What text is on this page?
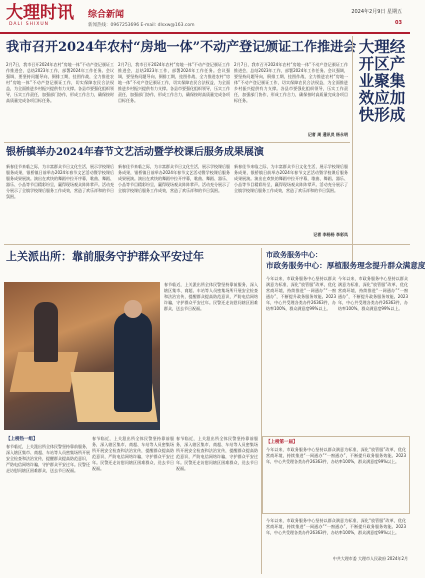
大理时讯
DALI SHIXUN
综合新闻
新闻热线：0967253696 E-mail: dlsxw@163.com
2024年2月9日 星期五
03
我市召开2024年农村“房地一体”不动产登记颁证工作推进会
2月7日，我市召开2024年农村“房地一体”不动产登记颁证工作推进会，总结2023年工作，部署2024年工作任务。会议强调，要坚持问题导向，倒排工期，挂图作战，全力推进农村“房地一体”不动产登记颁证工作，切实保障农民合法权益，为全面推进乡村振兴提供有力支撑。各县市要强化组织领导，压实工作责任，加强部门协作，形成工作合力，确保按时高质量完成各项目标任务。
2月7日，我市召开2024年农村“房地一体”不动产登记颁证工作推进会，总结2023年工作，部署2024年工作任务。会议强调，要坚持问题导向，倒排工期，挂图作战，全力推进农村“房地一体”不动产登记颁证工作，切实保障农民合法权益，为全面推进乡村振兴提供有力支撑。各县市要强化组织领导，压实工作责任，加强部门协作，形成工作合力，确保按时高质量完成各项目标任务。
2月7日，我市召开2024年农村“房地一体”不动产登记颁证工作推进会，总结2023年工作，部署2024年工作任务。会议强调，要坚持问题导向，倒排工期，挂图作战，全力推进农村“房地一体”不动产登记颁证工作，切实保障农民合法权益，为全面推进乡村振兴提供有力支撑。各县市要强化组织领导，压实工作责任，加强部门协作，形成工作合力，确保按时高质量完成各项目标任务。
记者 周 通讯员 杨永明
银桥镇举办2024年春节文艺活动暨学校课后服务成果展演
新春佳节来临之际，为丰富群众节日文化生活，展示学校课后服务成果，银桥镇日前举办2024年春节文艺活动暨学校课后服务成果展演。演出在欢快的舞蹈中拉开序幕，歌曲、舞蹈、器乐、小品等节目精彩纷呈，赢得现场观众阵阵掌声。活动充分展示了全镇学校课后服务工作成效，营造了欢乐祥和的节日氛围。
新春佳节来临之际，为丰富群众节日文化生活，展示学校课后服务成果，银桥镇日前举办2024年春节文艺活动暨学校课后服务成果展演。演出在欢快的舞蹈中拉开序幕，歌曲、舞蹈、器乐、小品等节目精彩纷呈，赢得现场观众阵阵掌声。活动充分展示了全镇学校课后服务工作成效，营造了欢乐祥和的节日氛围。
新春佳节来临之际，为丰富群众节日文化生活，展示学校课后服务成果，银桥镇日前举办2024年春节文艺活动暨学校课后服务成果展演。演出在欢快的舞蹈中拉开序幕，歌曲、舞蹈、器乐、小品等节目精彩纷呈，赢得现场观众阵阵掌声。活动充分展示了全镇学校课后服务工作成效，营造了欢乐祥和的节日氛围。
记者 李杨杨 李彩凤
大理经开区产业聚集效应加快形成
上关派出所：靠前服务守护群众平安过年
春节临近，上关派出所全体民警坚持靠前服务，深入辖区集市、商超、车站等人员密集场所开展安全检查和法治宣传，提醒群众提高防范意识，严防电信网络诈骗，守护群众平安过年。民警还走访慰问辖区困难群众，送去节日祝福。
【上榜热一组】
春节临近，上关派出所全体民警坚持靠前服务，深入辖区集市、商超、车站等人员密集场所开展安全检查和法治宣传，提醒群众提高防范意识，严防电信网络诈骗，守护群众平安过年。民警还走访慰问辖区困难群众，送去节日祝福。
春节临近，上关派出所全体民警坚持靠前服务，深入辖区集市、商超、车站等人员密集场所开展安全检查和法治宣传，提醒群众提高防范意识，严防电信网络诈骗，守护群众平安过年。民警还走访慰问辖区困难群众，送去节日祝福。
春节临近，上关派出所全体民警坚持靠前服务，深入辖区集市、商超、车站等人员密集场所开展安全检查和法治宣传，提醒群众提高防范意识，严防电信网络诈骗，守护群众平安过年。民警还走访慰问辖区困难群众，送去节日祝福。
市政务服务中心：
市政务服务中心：厚植服务理念提升群众满意度
今年以来，市政务服务中心坚持以群众满意为标准，深化“放管服”改革，优化营商环境，持续推进“一网通办”“一窗通办”，不断提升政务服务效能。2023年，中心共受理各类办件26363件，办结率100%，群众满意度99%以上。
今年以来，市政务服务中心坚持以群众满意为标准，深化“放管服”改革，优化营商环境，持续推进“一网通办”“一窗通办”，不断提升政务服务效能。2023年，中心共受理各类办件26363件，办结率100%，群众满意度99%以上。
【上榜第一届】
今年以来，市政务服务中心坚持以群众满意为标准，深化“放管服”改革，优化营商环境，持续推进“一网通办”“一窗通办”，不断提升政务服务效能。2023年，中心共受理各类办件26363件，办结率100%，群众满意度99%以上。
今年以来，市政务服务中心坚持以群众满意为标准，深化“放管服”改革，优化营商环境，持续推进“一网通办”“一窗通办”，不断提升政务服务效能。2023年，中心共受理各类办件26363件，办结率100%，群众满意度99%以上。
中共大理市委 大理市人民政府 2024年2月
